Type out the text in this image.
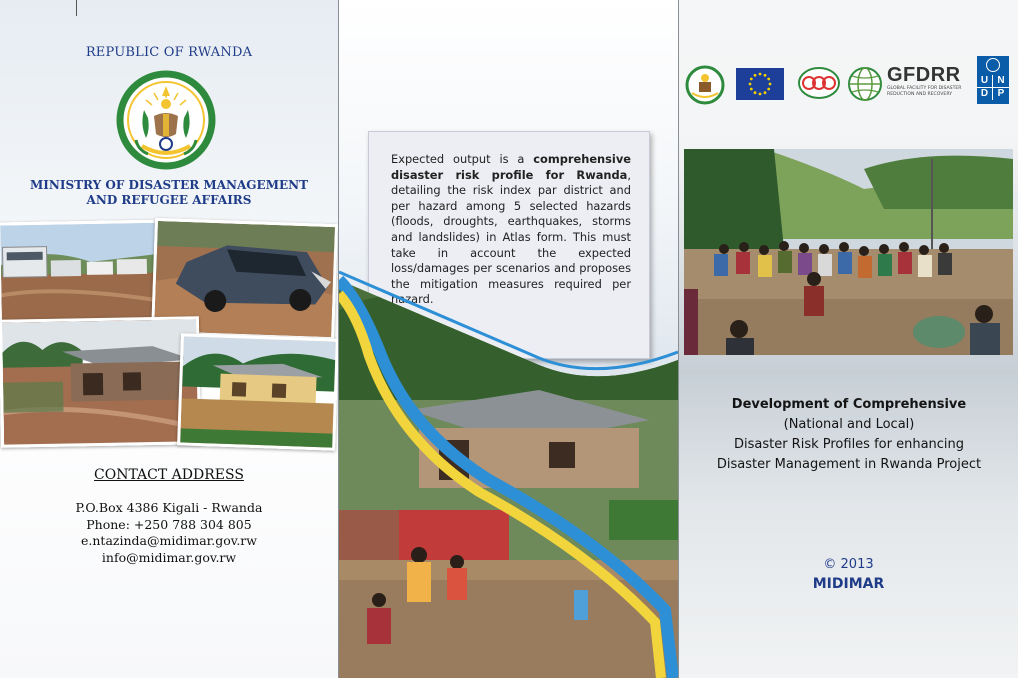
REPUBLIC OF RWANDA
MINISTRY OF DISASTER MANAGEMENT
AND REFUGEE AFFAIRS
CONTACT ADDRESS
P.O.Box 4386 Kigali - Rwanda
Phone: +250 788 304 805
e.ntazinda@midimar.gov.rw
info@midimar.gov.rw

Expected output is a comprehensive disaster risk profile for Rwanda, detailing the risk index par district and per hazard among 5 selected hazards (floods, droughts, earthquakes, storms and landslides) in Atlas form. This must take in account the expected loss/damages per scenarios and proposes the mitigation measures required per hazard.

GFDRR
GLOBAL FACILITY FOR DISASTER
REDUCTION AND RECOVERY
U N
D P
Development of Comprehensive
(National and Local)
Disaster Risk Profiles for enhancing
Disaster Management in Rwanda Project
© 2013
MIDIMAR
